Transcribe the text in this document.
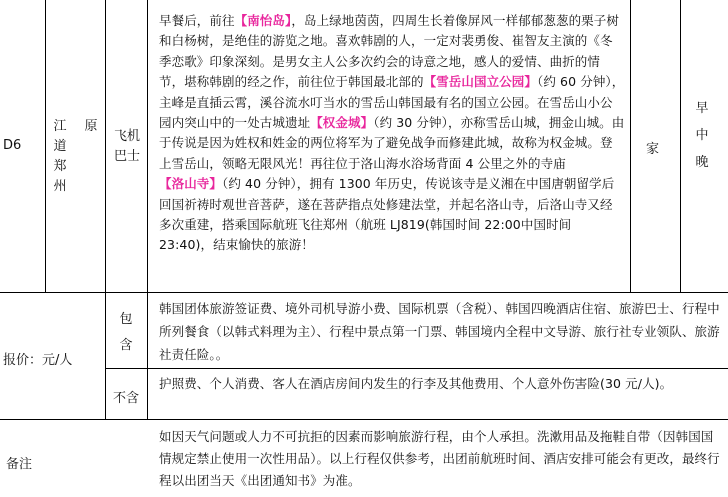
D6
江道郑州
原
飞机巴士
早餐后，前往【南怡岛】，岛上绿地茵茵，四周生长着像屏风一样郁郁葱葱的栗子树和白杨树，是绝佳的游览之地。喜欢韩剧的人，一定对裴勇俊、崔智友主演的《冬季恋歌》印象深刻。是男女主人公多次约会的诗意之地，感人的爱情、曲折的情节，堪称韩剧的经之作，前往位于韩国最北部的【雪岳山国立公园】（约 60 分钟），主峰是直插云霄，溪谷流水叮当水的雪岳山韩国最有名的国立公园。在雪岳山小公园内突山中的一处古城遗址【权金城】（约 30 分钟），亦称雪岳山城，拥金山城。由于传说是因为姓权和姓金的两位将军为了避免战争而修建此城，故称为权金城。登上雪岳山，领略无限风光！再往位于洛山海水浴场背面 4 公里之外的寺庙【洛山寺】（约 40 分钟），拥有 1300 年历史，传说该寺是义湘在中国唐朝留学后回国祈祷时观世音菩萨，遂在菩萨指点处修建法堂，并起名洛山寺，后洛山寺又经多次重建，搭乘国际航班飞往郑州（航班 LJ819(韩国时间 22:00中国时间 23:40)，结束愉快的旅游！
家
早中晚
报价：元/人
包含
韩国团体旅游签证费、境外司机导游小费、国际机票（含税）、韩国四晚酒店住宿、旅游巴士、行程中所列餐食（以韩式料理为主）、行程中景点第一门票、韩国境内全程中文导游、旅行社专业领队、旅游社责任险。。
不含
护照费、个人消费、客人在酒店房间内发生的行李及其他费用、个人意外伤害险(30 元/人)。
备注
如因天气问题或人力不可抗拒的因素而影响旅游行程，由个人承担。洗漱用品及拖鞋自带（因韩国国情规定禁止使用一次性用品）。以上行程仅供参考，出团前航班时间、酒店安排可能会有更改，最终行程以出团当天《出团通知书》为准。
